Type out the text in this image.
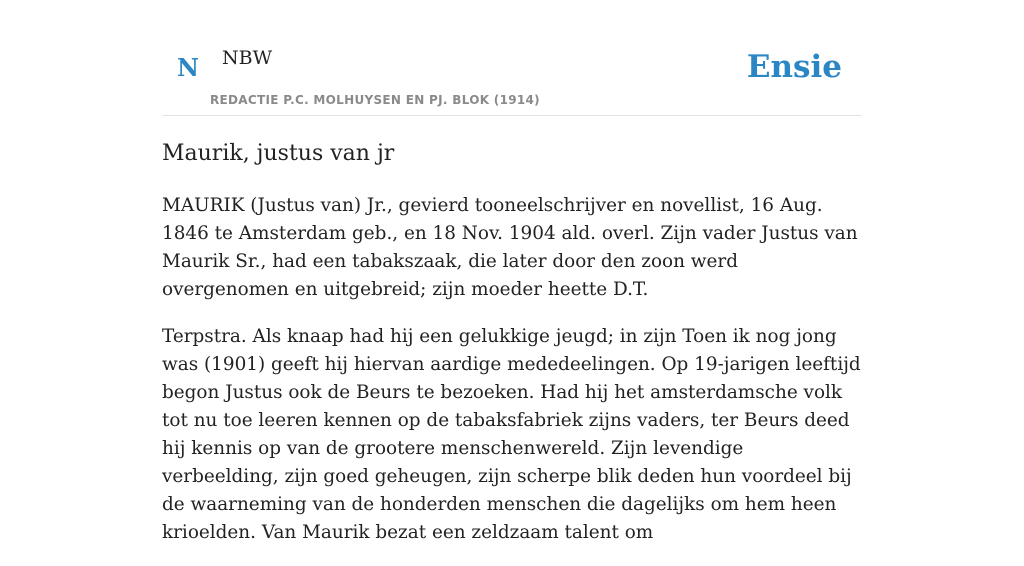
N NBW
REDACTIE P.C. MOLHUYSEN EN PJ. BLOK (1914)
Ensie
Maurik, justus van jr

MAURIK (Justus van) Jr., gevierd tooneelschrijver en novellist, 16 Aug. 1846 te Amsterdam geb., en 18 Nov. 1904 ald. overl. Zijn vader Justus van Maurik Sr., had een tabakszaak, die later door den zoon werd overgenomen en uitgebreid; zijn moeder heette D.T.

Terpstra. Als knaap had hij een gelukkige jeugd; in zijn Toen ik nog jong was (1901) geeft hij hiervan aardige mededeelingen. Op 19-jarigen leeftijd begon Justus ook de Beurs te bezoeken. Had hij het amsterdamsche volk tot nu toe leeren kennen op de tabaksfabriek zijns vaders, ter Beurs deed hij kennis op van de grootere menschenwereld. Zijn levendige verbeelding, zijn goed geheugen, zijn scherpe blik deden hun voordeel bij de waarneming van de honderden menschen die dagelijks om hem heen krioelden. Van Maurik bezat een zeldzaam talent om
